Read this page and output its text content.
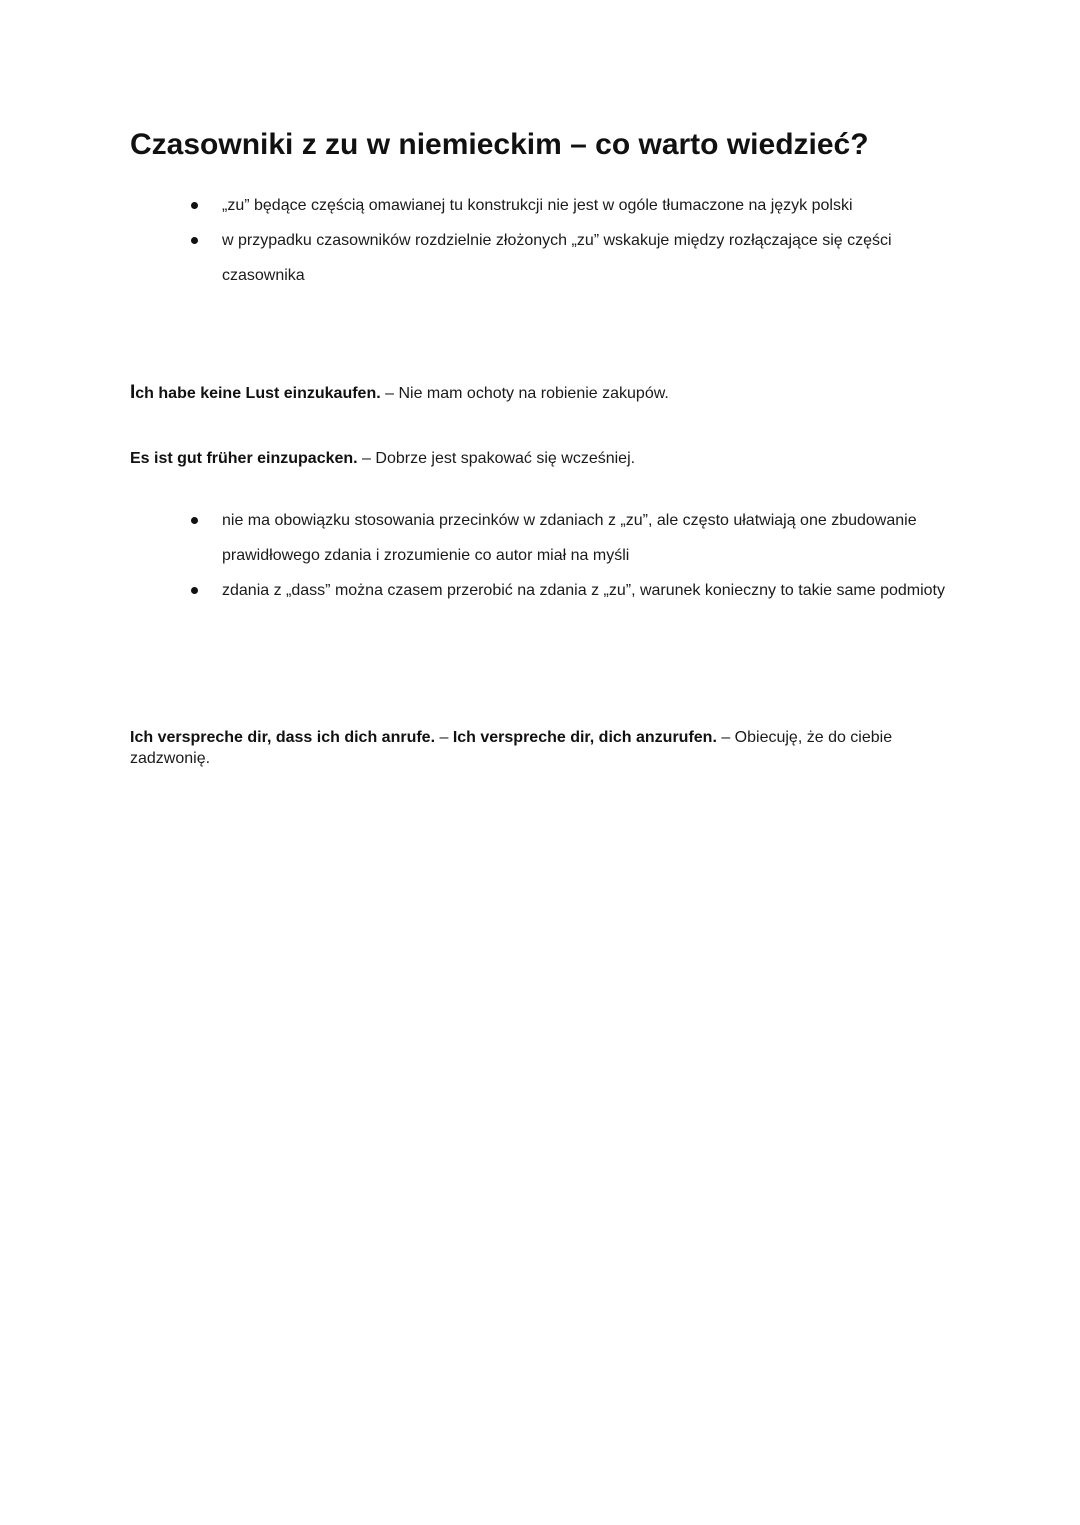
Czasowniki z zu w niemieckim – co warto wiedzieć?
„zu” będące częścią omawianej tu konstrukcji nie jest w ogóle tłumaczone na język polski
w przypadku czasowników rozdzielnie złożonych „zu” wskakuje między rozłączające się części czasownika

Ich habe keine Lust einzukaufen. – Nie mam ochoty na robienie zakupów.

Es ist gut früher einzupacken. – Dobrze jest spakować się wcześniej.

nie ma obowiązku stosowania przecinków w zdaniach z „zu”, ale często ułatwiają one zbudowanie prawidłowego zdania i zrozumienie co autor miał na myśli
zdania z „dass” można czasem przerobić na zdania z „zu”, warunek konieczny to takie same podmioty

Ich verspreche dir, dass ich dich anrufe. – Ich verspreche dir, dich anzurufen. – Obiecuję, że do ciebie zadzwonię.
